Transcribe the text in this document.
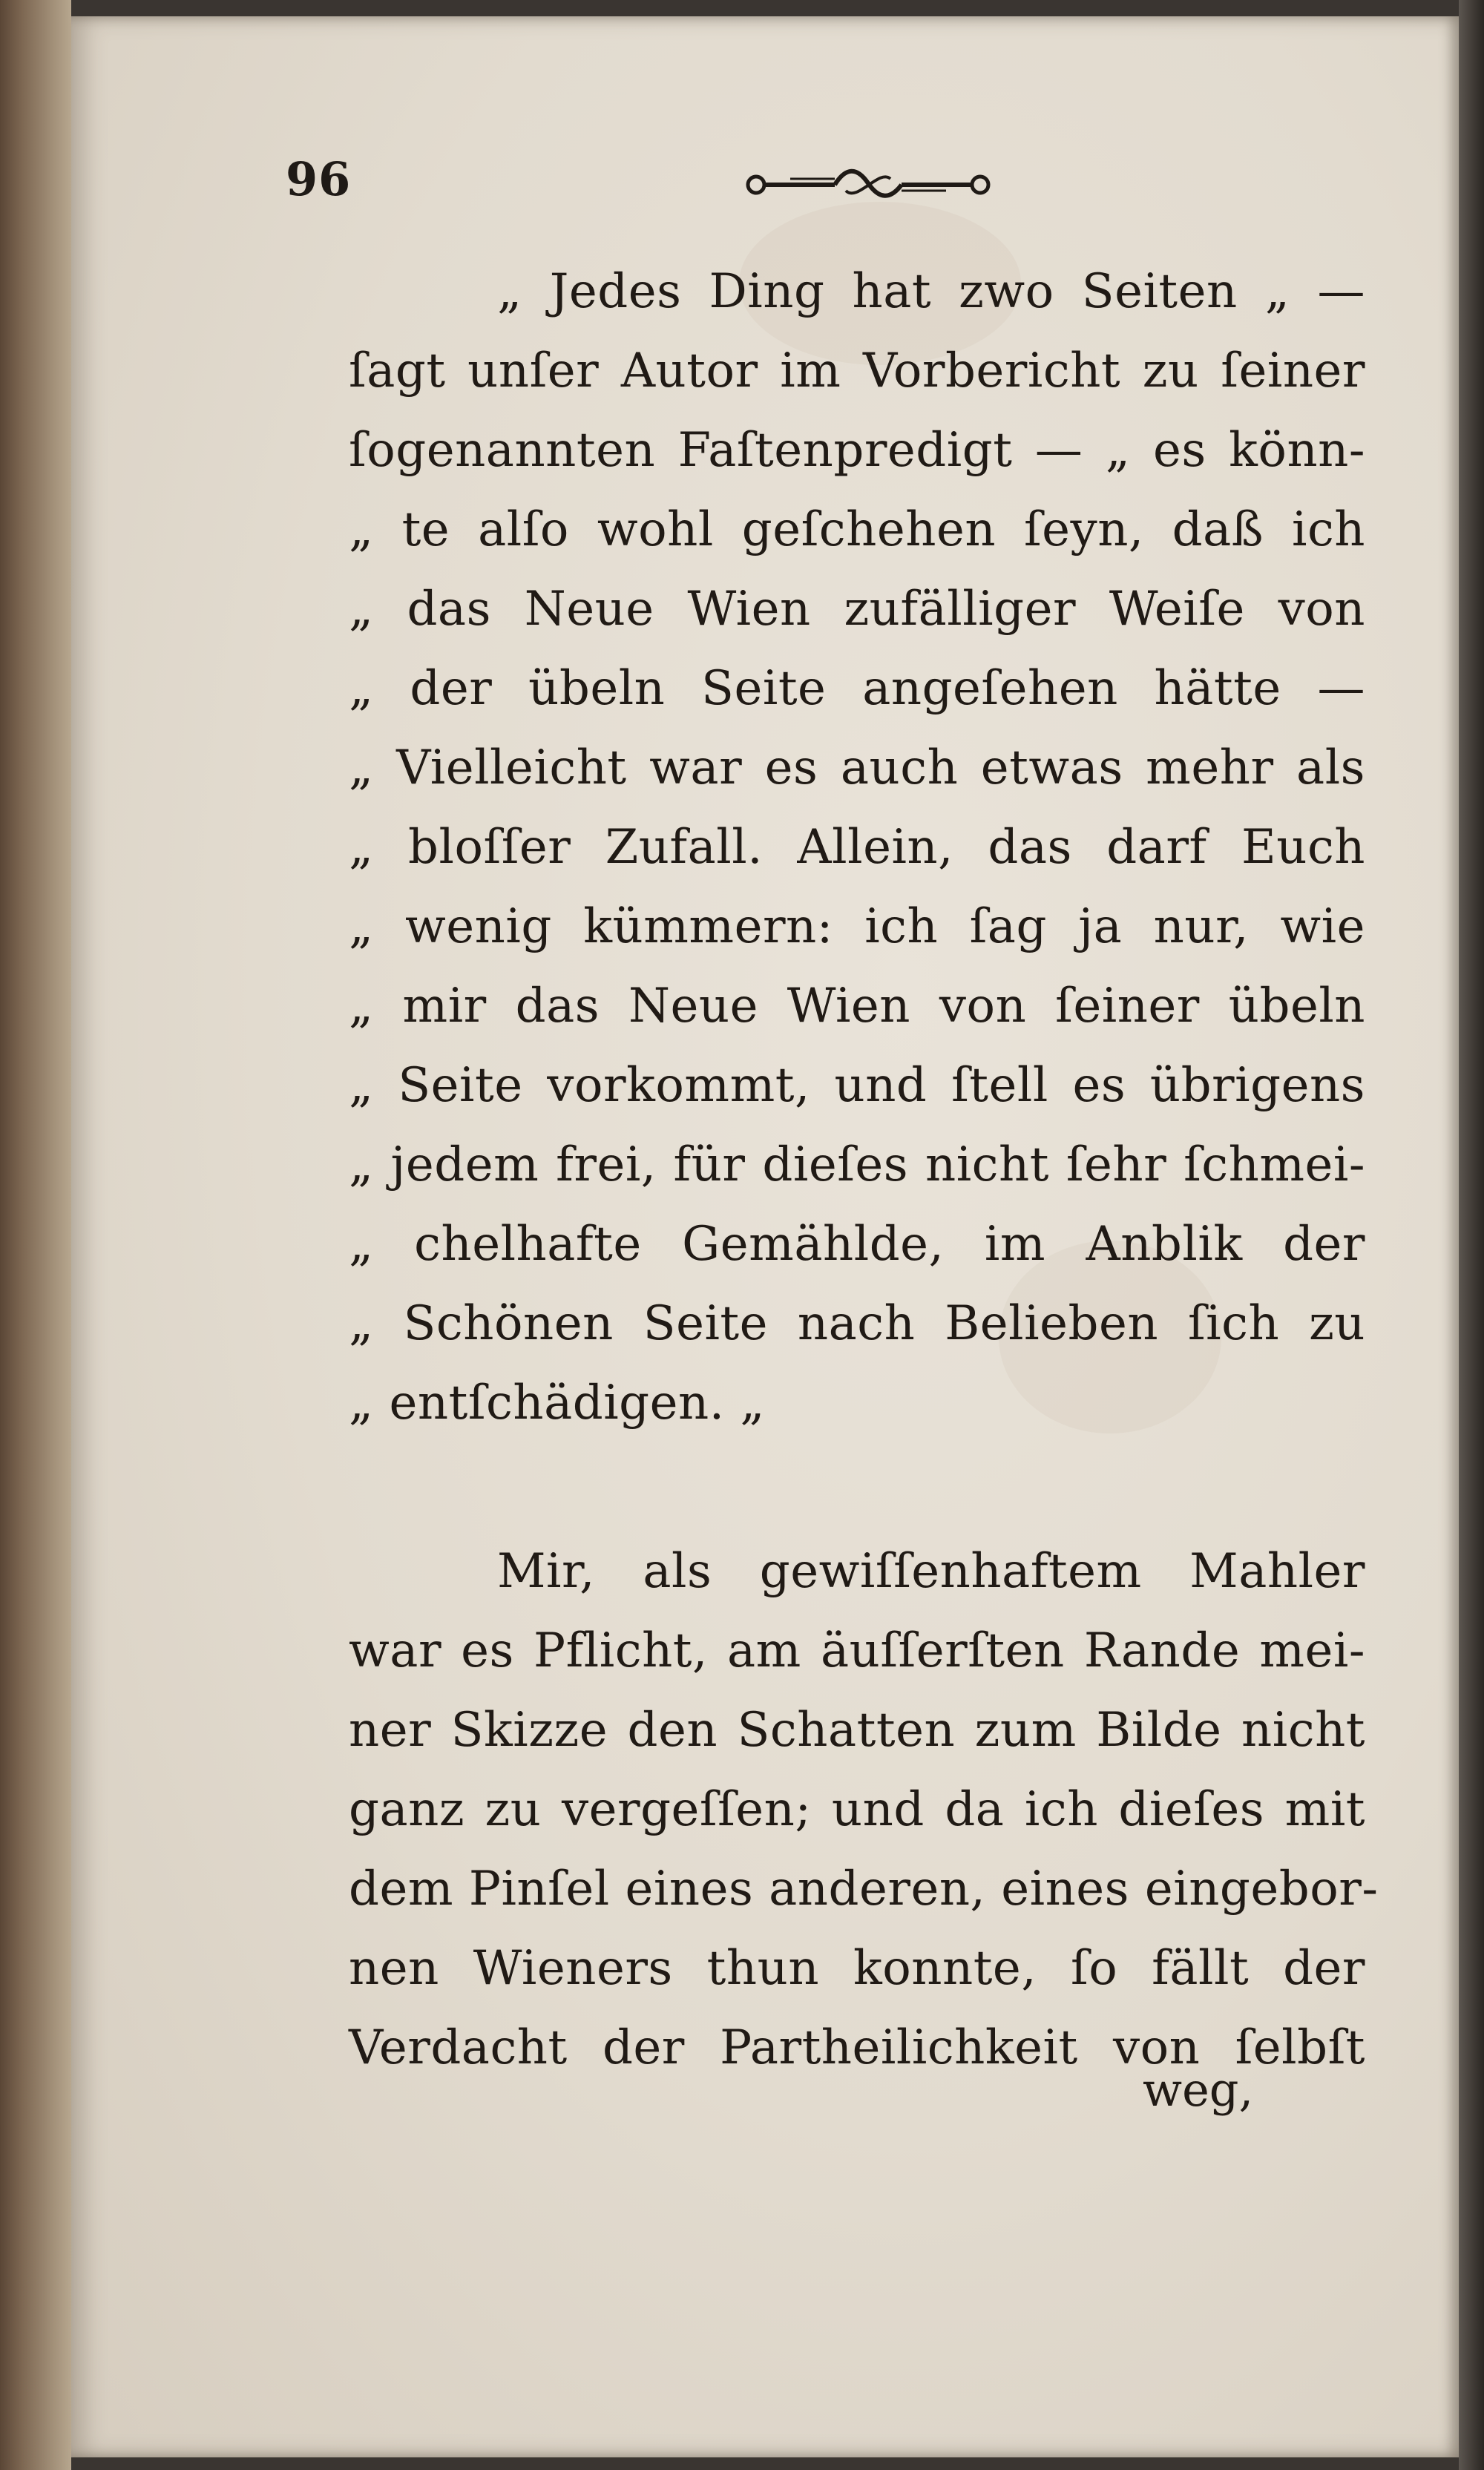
96
„ Jedes Ding hat zwo Seiten „ —
ſagt unſer Autor im Vorbericht zu ſeiner
ſogenannten Faſtenpredigt — „ es könn-
„ te alſo wohl geſchehen ſeyn, daß ich
„ das Neue Wien zufälliger Weiſe von
„ der übeln Seite angeſehen hätte —
„ Vielleicht war es auch etwas mehr als
„ bloſſer Zufall. Allein, das darf Euch
„ wenig kümmern: ich ſag ja nur, wie
„ mir das Neue Wien von ſeiner übeln
„ Seite vorkommt, und ſtell es übrigens
„ jedem frei, für dieſes nicht ſehr ſchmei-
„ chelhafte Gemählde, im Anblik der
„ Schönen Seite nach Belieben ſich zu
„ entſchädigen. „
Mir, als gewiſſenhaftem Mahler
war es Pflicht, am äuſſerſten Rande mei-
ner Skizze den Schatten zum Bilde nicht
ganz zu vergeſſen; und da ich dieſes mit
dem Pinſel eines anderen, eines eingebor-
nen Wieners thun konnte, ſo fällt der
Verdacht der Partheilichkeit von ſelbſt
weg,
